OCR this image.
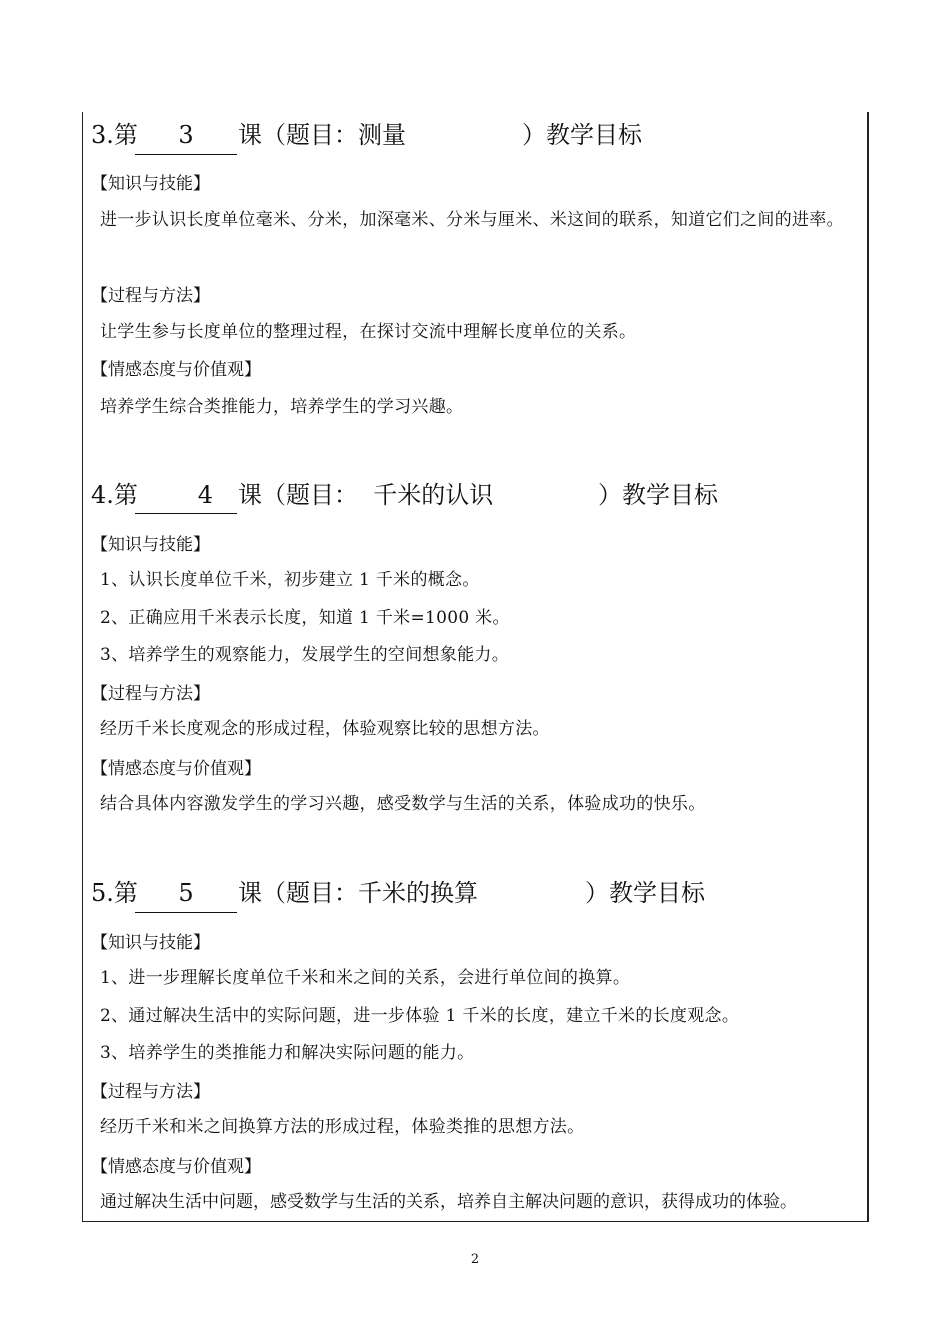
3.第	3	课（题目：测量	）教学目标
【知识与技能】
进一步认识长度单位毫米、分米，加深毫米、分米与厘米、米这间的联系，知道它们之间的进率。
【过程与方法】
让学生参与长度单位的整理过程，在探讨交流中理解长度单位的关系。
【情感态度与价值观】
培养学生综合类推能力，培养学生的学习兴趣。
4.第	4	课（题目：  千米的认识	）教学目标
【知识与技能】
1、认识长度单位千米，初步建立 1 千米的概念。
2、正确应用千米表示长度，知道 1 千米=1000 米。
3、培养学生的观察能力，发展学生的空间想象能力。
【过程与方法】
经历千米长度观念的形成过程，体验观察比较的思想方法。
【情感态度与价值观】
结合具体内容激发学生的学习兴趣，感受数学与生活的关系，体验成功的快乐。
5.第	5	课（题目：千米的换算	）教学目标
【知识与技能】
1、进一步理解长度单位千米和米之间的关系，会进行单位间的换算。
2、通过解决生活中的实际问题，进一步体验 1 千米的长度，建立千米的长度观念。
3、培养学生的类推能力和解决实际问题的能力。
【过程与方法】
经历千米和米之间换算方法的形成过程，体验类推的思想方法。
【情感态度与价值观】
通过解决生活中问题，感受数学与生活的关系，培养自主解决问题的意识，获得成功的体验。
2
